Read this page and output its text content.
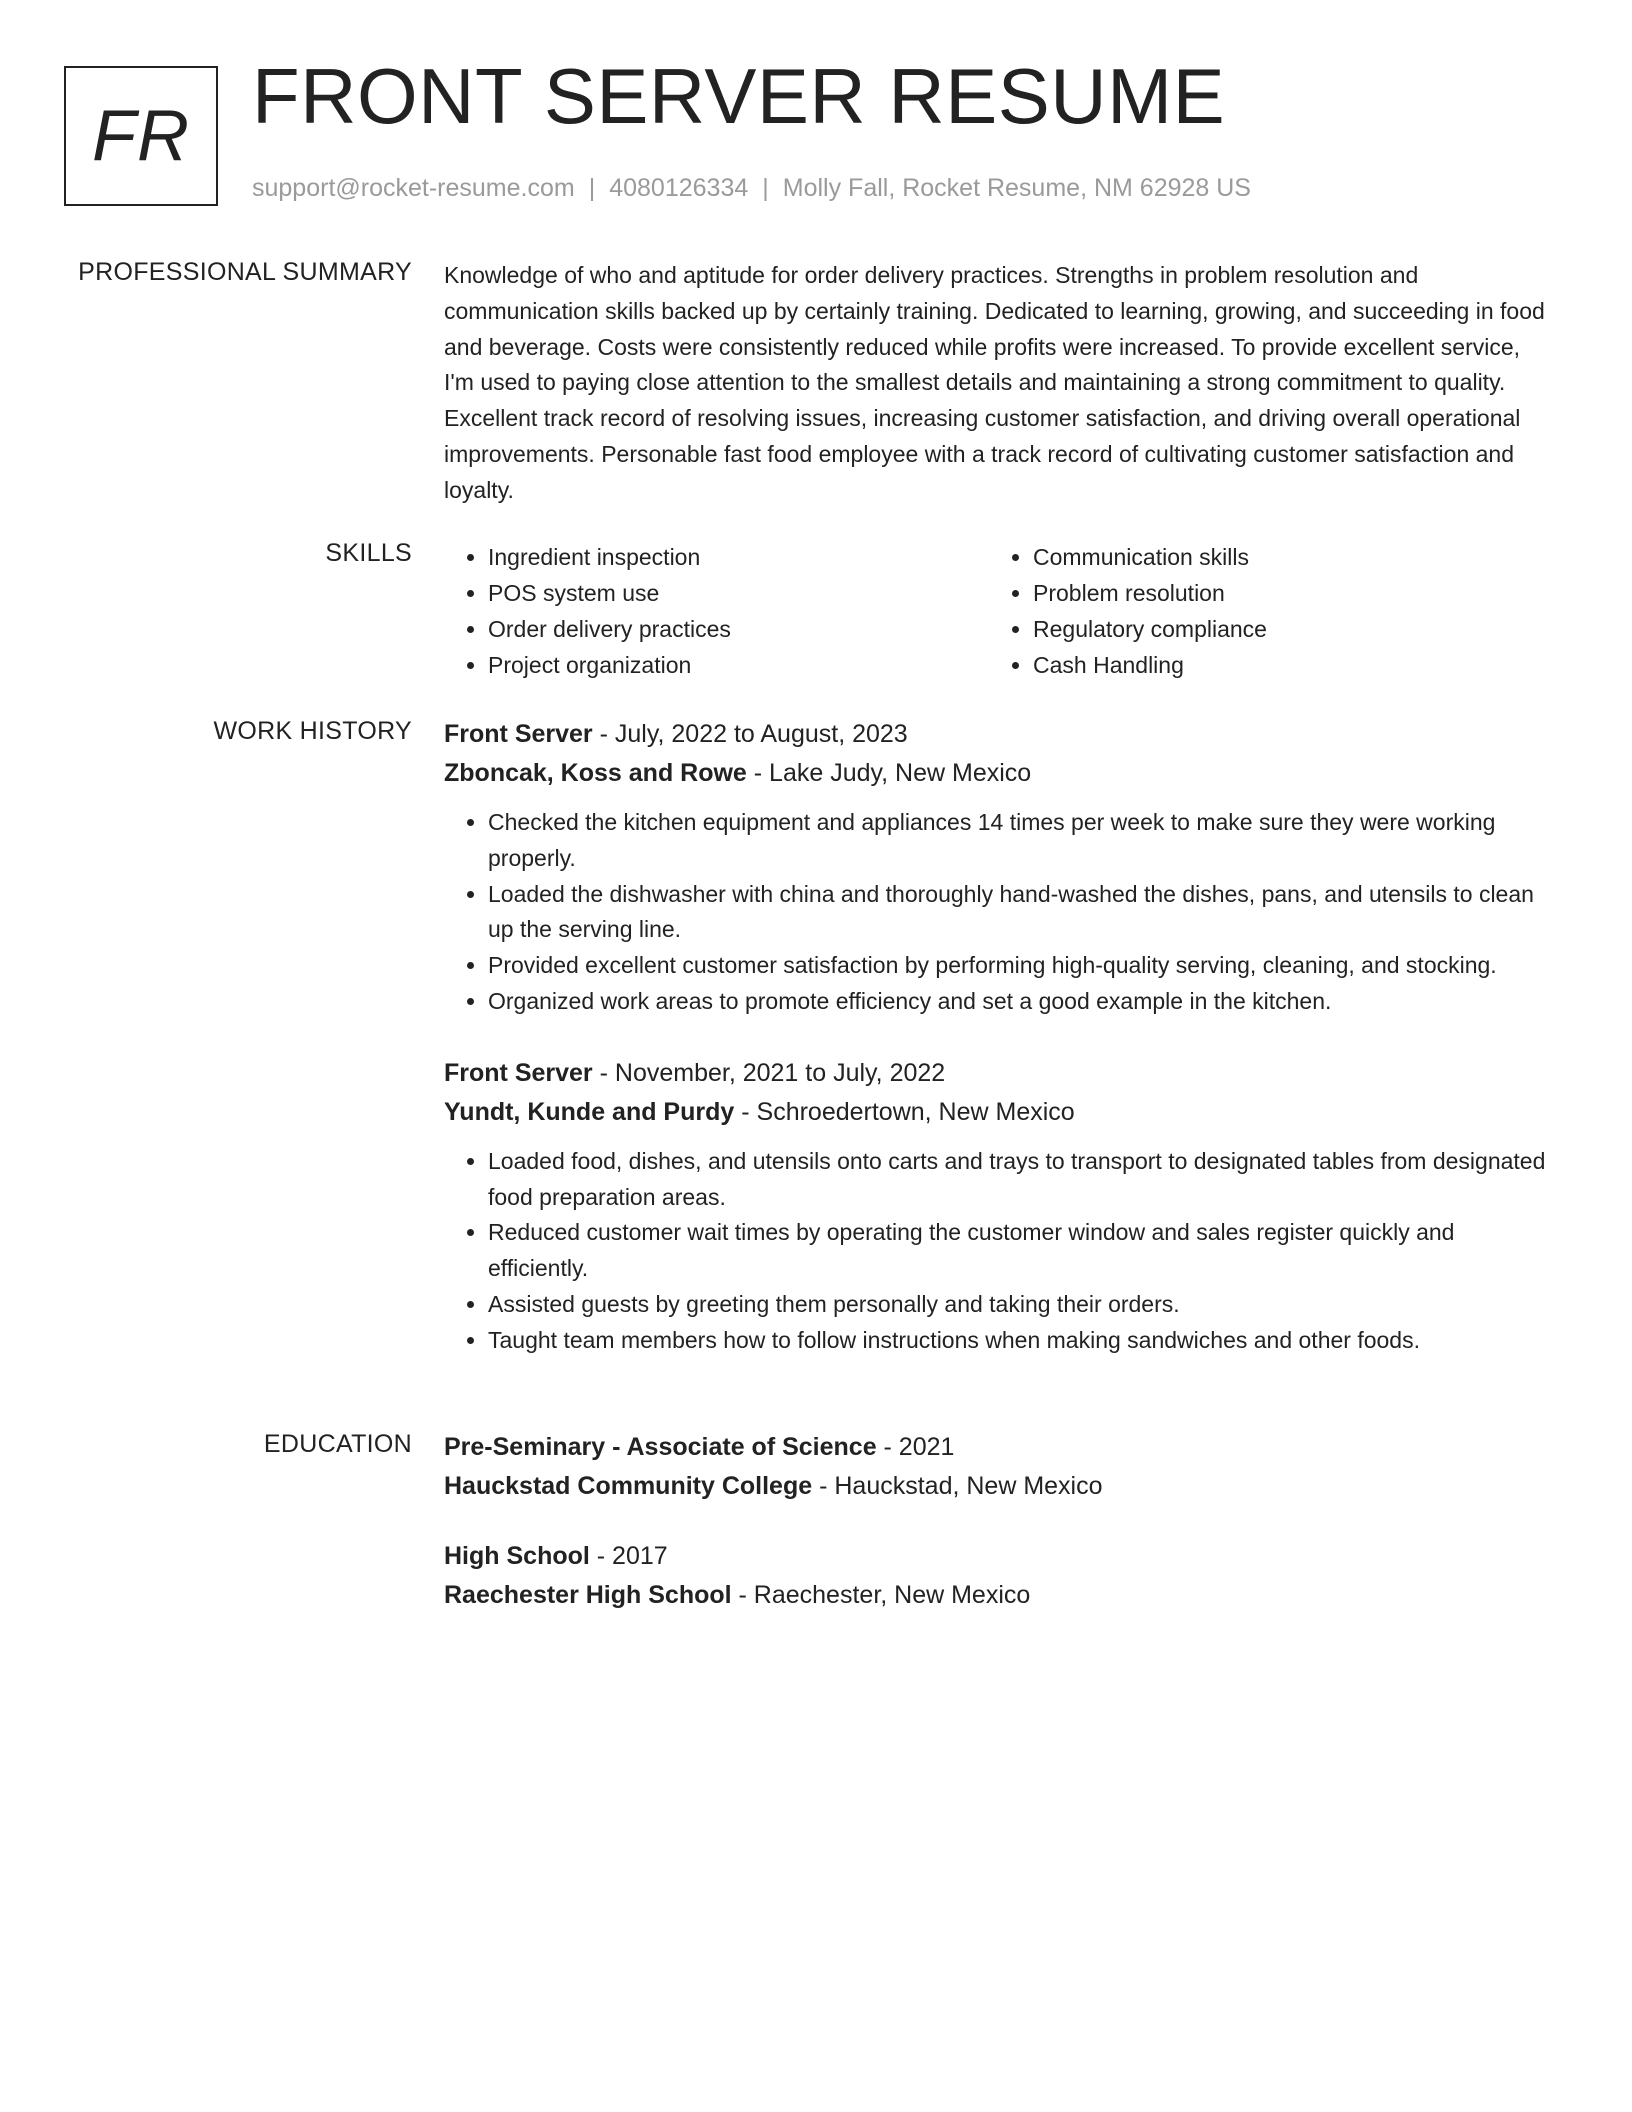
FR FRONT SERVER RESUME
support@rocket-resume.com | 4080126334 | Molly Fall, Rocket Resume, NM 62928 US
PROFESSIONAL SUMMARY Knowledge of who and aptitude for order delivery practices. Strengths in problem resolution and communication skills backed up by certainly training. Dedicated to learning, growing, and succeeding in food and beverage. Costs were consistently reduced while profits were increased. To provide excellent service, I'm used to paying close attention to the smallest details and maintaining a strong commitment to quality. Excellent track record of resolving issues, increasing customer satisfaction, and driving overall operational improvements. Personable fast food employee with a track record of cultivating customer satisfaction and loyalty.

SKILLS
•	Ingredient inspection
• POS system use
• Order delivery practices
• Project organization
• Communication skills
• Problem resolution
• Regulatory compliance
• Cash Handling
WORK HISTORY Front Server - July, 2022 to August, 2023
Zboncak, Koss and Rowe - Lake Judy, New Mexico
• Checked the kitchen equipment and appliances 14 times per week to make sure they were working properly.
• Loaded the dishwasher with china and thoroughly hand-washed the dishes, pans, and utensils to clean up the serving line.
• Provided excellent customer satisfaction by performing high-quality serving, cleaning, and stocking.
• Organized work areas to promote efficiency and set a good example in the kitchen.
Front Server - November, 2021 to July, 2022
Yundt, Kunde and Purdy - Schroedertown, New Mexico
• Loaded food, dishes, and utensils onto carts and trays to transport to designated tables from designated food preparation areas.
• Reduced customer wait times by operating the customer window and sales register quickly and efficiently.
• Assisted guests by greeting them personally and taking their orders.
• Taught team members how to follow instructions when making sandwiches and other foods.
EDUCATION Pre-Seminary - Associate of Science - 2021
Hauckstad Community College - Hauckstad, New Mexico
High School - 2017
Raechester High School - Raechester, New Mexico
